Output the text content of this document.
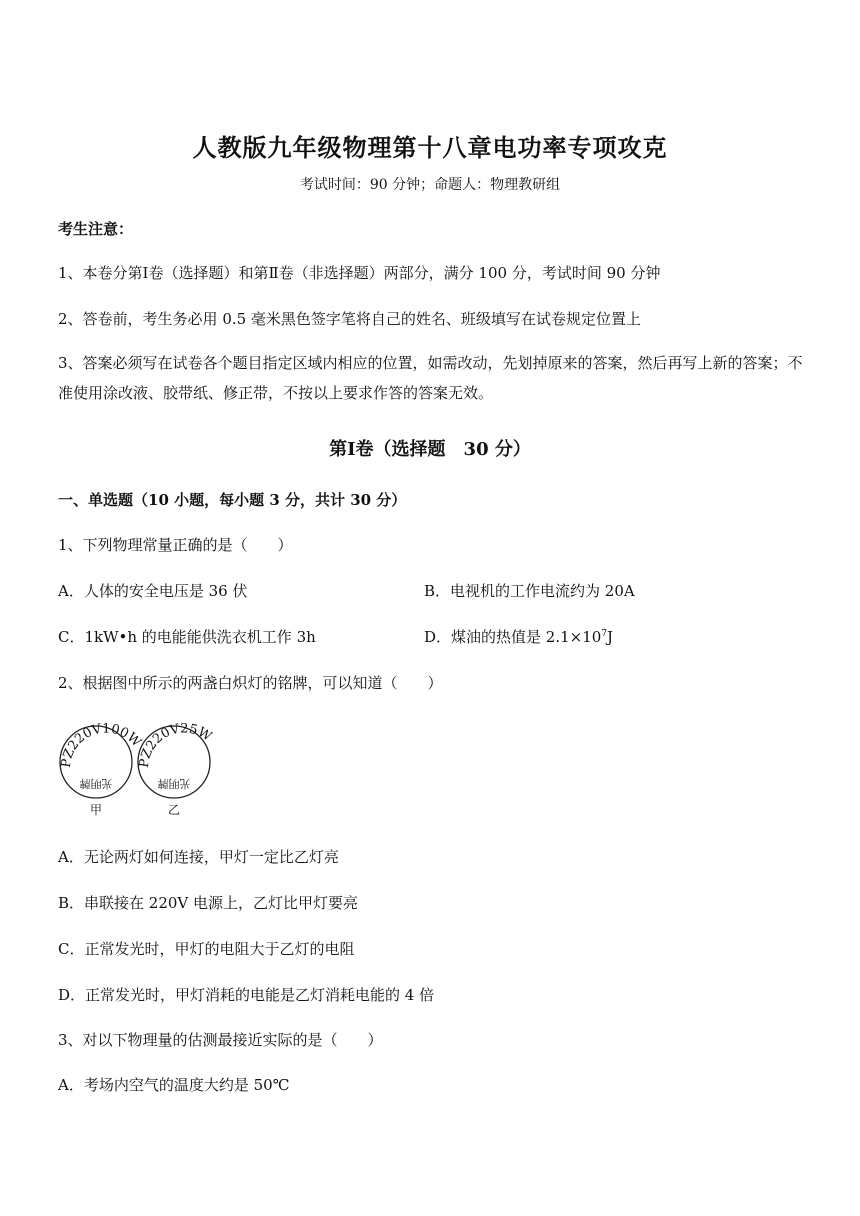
人教版九年级物理第十八章电功率专项攻克
考试时间：90 分钟；命题人：物理教研组
考生注意：
1、本卷分第Ⅰ卷（选择题）和第Ⅱ卷（非选择题）两部分，满分 100 分，考试时间 90 分钟
2、答卷前，考生务必用 0.5 毫米黑色签字笔将自己的姓名、班级填写在试卷规定位置上
3、答案必须写在试卷各个题目指定区域内相应的位置，如需改动，先划掉原来的答案，然后再写上新的答案；不准使用涂改液、胶带纸、修正带，不按以上要求作答的答案无效。
第Ⅰ卷（选择题　30 分）
一、单选题（10 小题，每小题 3 分，共计 30 分）
1、下列物理常量正确的是（　　）
A．人体的安全电压是 36 伏	B．电视机的工作电流约为 20A
C．1kW•h 的电能能供洗衣机工作 3h	D．煤油的热值是 $2.1\times 10^7J$
2、根据图中所示的两盏白炽灯的铭牌，可以知道（　　）
PZ220V100W
光明牌
甲
PZ220V25W
光明牌
乙
A．无论两灯如何连接，甲灯一定比乙灯亮
B．串联接在 220V 电源上，乙灯比甲灯要亮
C．正常发光时，甲灯的电阻大于乙灯的电阻
D．正常发光时，甲灯消耗的电能是乙灯消耗电能的 4 倍
3、对以下物理量的估测最接近实际的是（　　）
A．考场内空气的温度大约是 50℃
